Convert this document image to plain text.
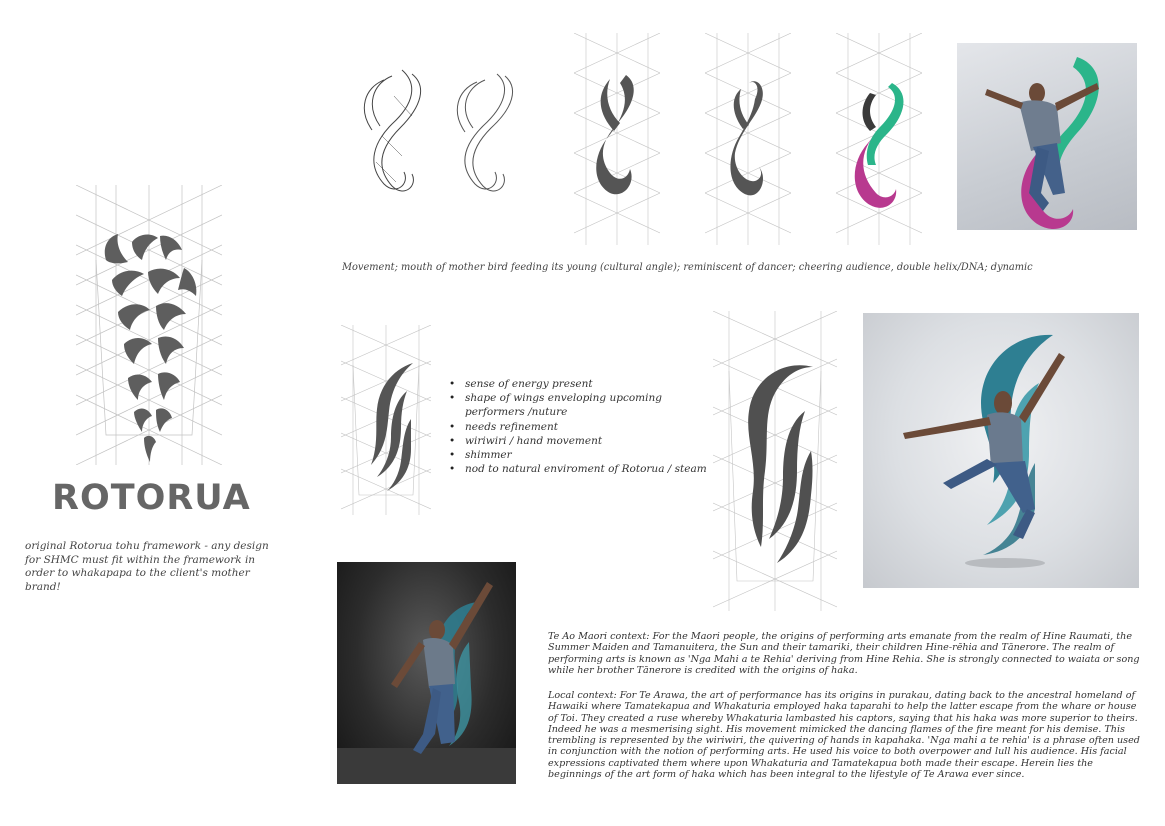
ROTORUA
original Rotorua tohu framework - any design for SHMC must fit within the framework in order to whakapapa to the client's mother brand!
Movement; mouth of mother bird feeding its young (cultural angle); reminiscent of dancer; cheering audience, double helix/DNA; dynamic
• sense of energy present
• shape of wings enveloping upcoming performers /nuture
• needs refinement
• wiriwiri / hand movement
• shimmer
• nod to natural enviroment of Rotorua / steam
Te Ao Maori context: For the Maori people, the origins of performing arts emanate from the realm of Hine Raumati, the Summer Maiden and Tamanuitera, the Sun and their tamariki, their children Hine-rēhia and Tānerore. The realm of performing arts is known as 'Nga Mahi a te Rehia' deriving from Hine Rehia. She is strongly connected to waiata or song while her brother Tānerore is credited with the origins of haka.
Local context: For Te Arawa, the art of performance has its origins in purakau, dating back to the ancestral homeland of Hawaiki where Tamatekapua and Whakaturia employed haka taparahi to help the latter escape from the whare or house of Toi. They created a ruse whereby Whakaturia lambasted his captors, saying that his haka was more superior to theirs. Indeed he was a mesmerising sight. His movement mimicked the dancing flames of the fire meant for his demise. This trembling is represented by the wiriwiri, the quivering of hands in kapahaka. 'Nga mahi a te rehia' is a phrase often used in conjunction with the notion of performing arts. He used his voice to both overpower and lull his audience. His facial expressions captivated them where upon Whakaturia and Tamatekapua both made their escape. Herein lies the beginnings of the art form of haka which has been integral to the lifestyle of Te Arawa ever since.
